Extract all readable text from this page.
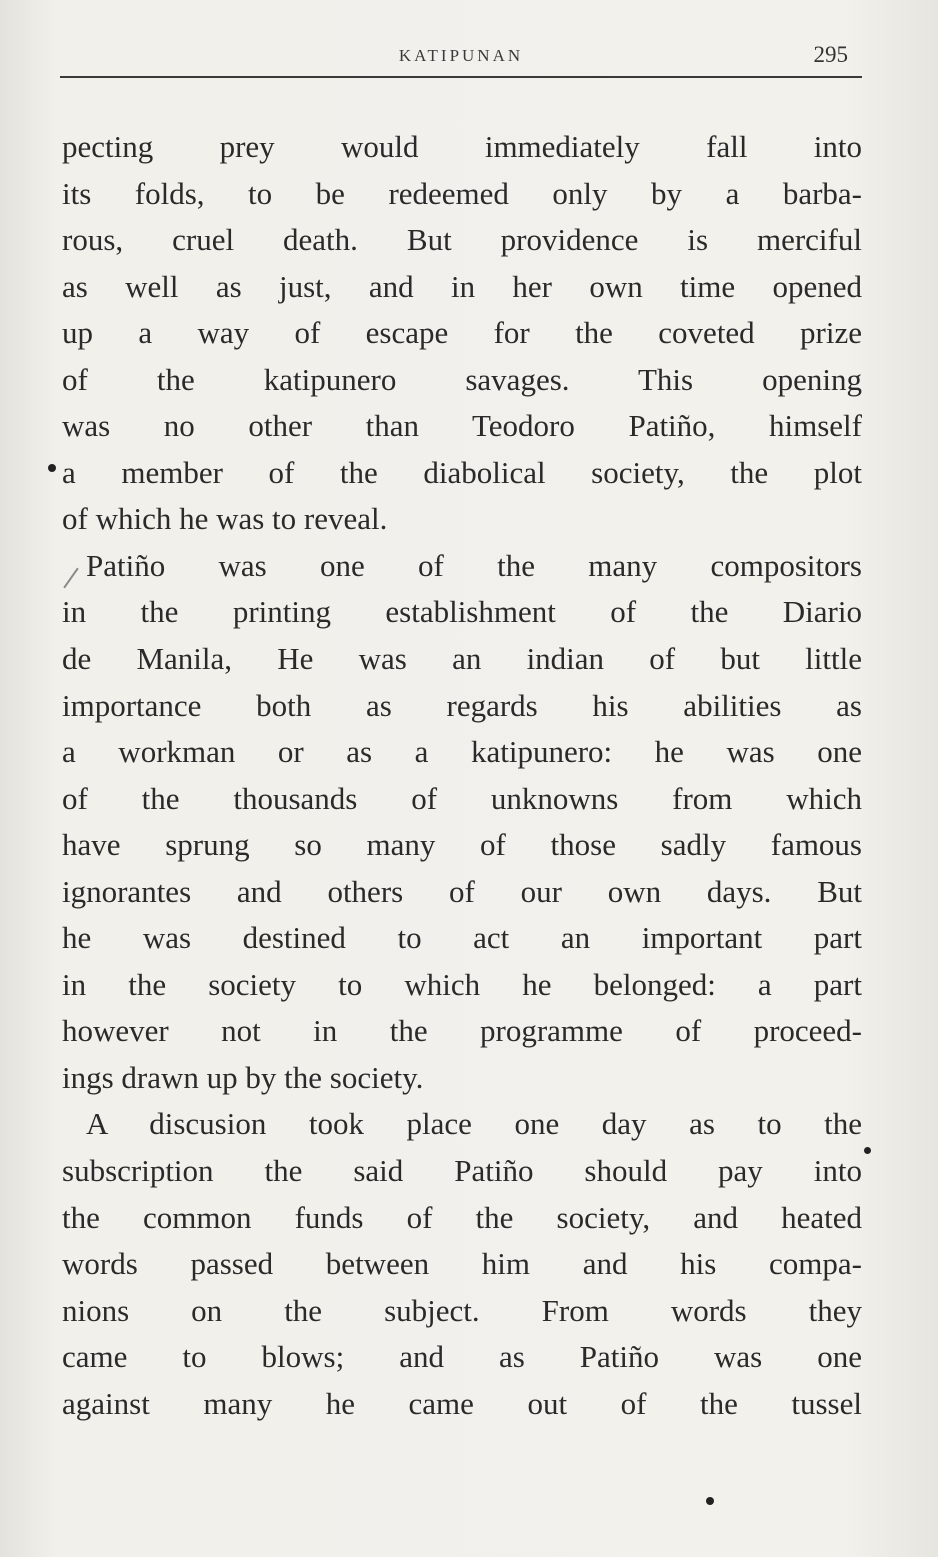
KATIPUNAN	295
pecting prey would immediately fall into
its folds, to be redeemed only by a barba-
rous, cruel death. But providence is merciful
as well as just, and in her own time opened
up a way of escape for the coveted prize
of the katipunero savages. This opening
was no other than Teodoro Patiño, himself
a member of the diabolical society, the plot
of which he was to reveal.
Patiño was one of the many compositors
in the printing establishment of the Diario
de Manila, He was an indian of but little
importance both as regards his abilities as
a workman or as a katipunero: he was one
of the thousands of unknowns from which
have sprung so many of those sadly famous
ignorantes and others of our own days. But
he was destined to act an important part
in the society to which he belonged: a part
however not in the programme of proceed-
ings drawn up by the society.
A discusion took place one day as to the
subscription the said Patiño should pay into
the common funds of the society, and heated
words passed between him and his compa-
nions on the subject. From words they
came to blows; and as Patiño was one
against many he came out of the tussel
